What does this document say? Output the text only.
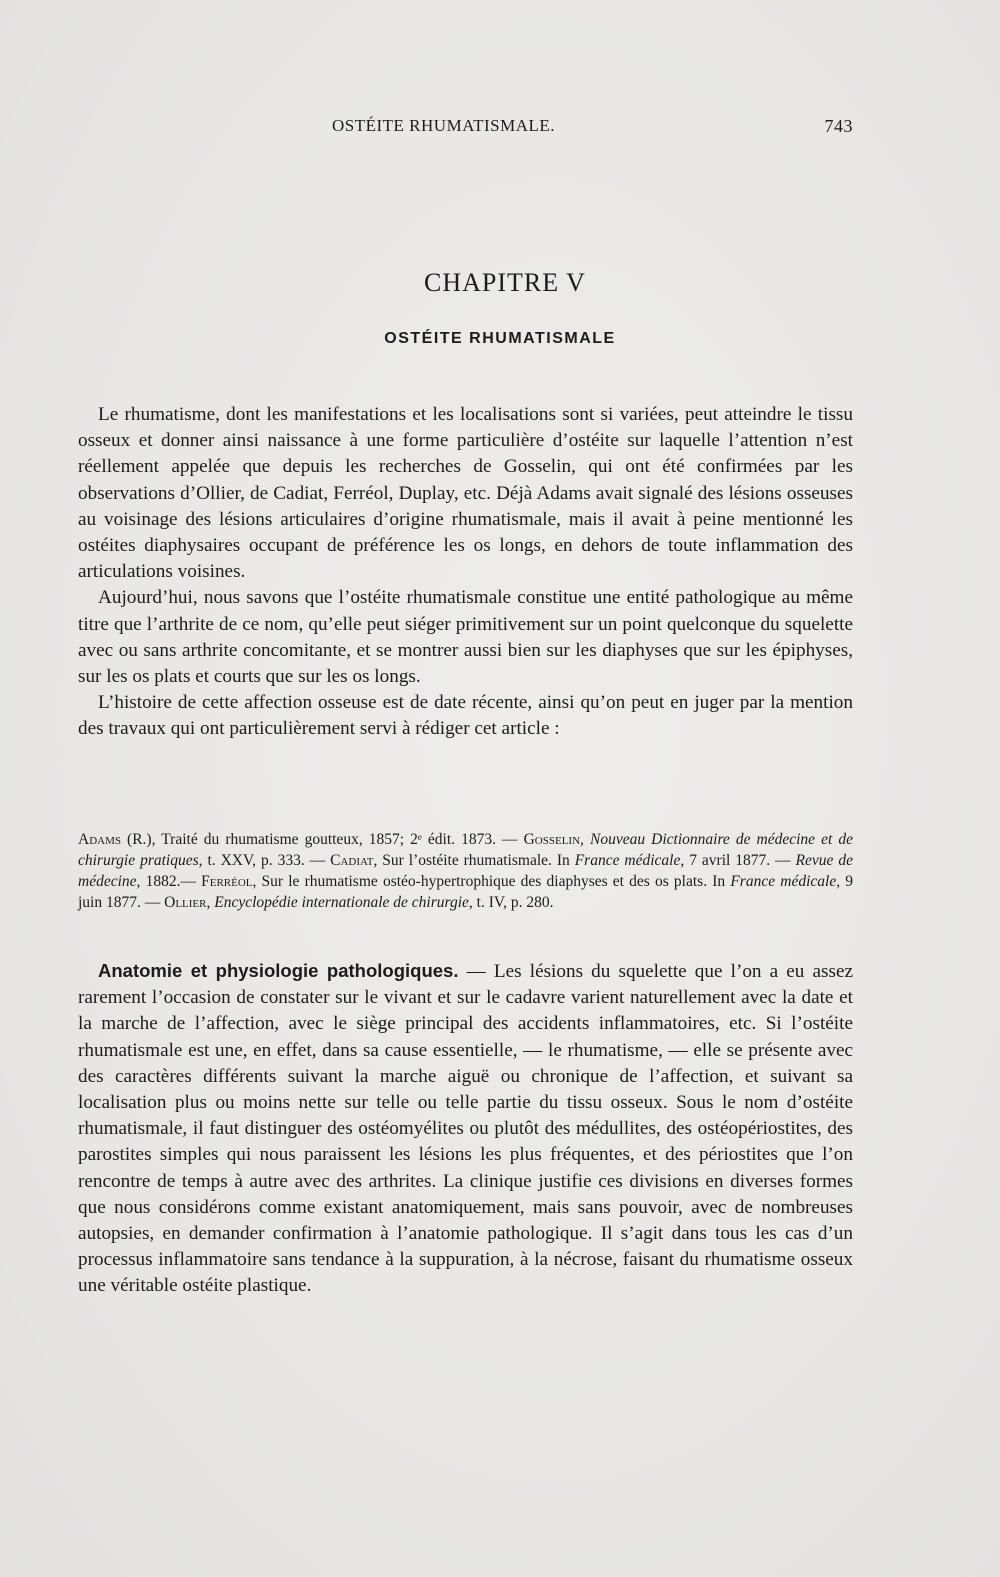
OSTÉITE RHUMATISMALE.	743
CHAPITRE V
OSTÉITE RHUMATISMALE

Le rhumatisme, dont les manifestations et les localisations sont si variées, peut atteindre le tissu osseux et donner ainsi naissance à une forme particulière d’ostéite sur laquelle l’attention n’est réellement appelée que depuis les recherches de Gosselin, qui ont été confirmées par les observations d’Ollier, de Cadiat, Ferréol, Duplay, etc. Déjà Adams avait signalé des lésions osseuses au voisinage des lésions articulaires d’origine rhumatismale, mais il avait à peine mentionné les ostéites diaphysaires occupant de préférence les os longs, en dehors de toute inflammation des articulations voisines.

Aujourd’hui, nous savons que l’ostéite rhumatismale constitue une entité pathologique au même titre que l’arthrite de ce nom, qu’elle peut siéger primitivement sur un point quelconque du squelette avec ou sans arthrite concomitante, et se montrer aussi bien sur les diaphyses que sur les épiphyses, sur les os plats et courts que sur les os longs.

L’histoire de cette affection osseuse est de date récente, ainsi qu’on peut en juger par la mention des travaux qui ont particulièrement servi à rédiger cet article :

Adams (R.), Traité du rhumatisme goutteux, 1857; 2ᵉ édit. 1873. — Gosselin, Nouveau Dictionnaire de médecine et de chirurgie pratiques, t. XXV, p. 333. — Cadiat, Sur l’ostéite rhumatismale. In France médicale, 7 avril 1877. — Revue de médecine, 1882.— Ferréol, Sur le rhumatisme ostéo-hypertrophique des diaphyses et des os plats. In France médicale, 9 juin 1877. — Ollier, Encyclopédie internationale de chirurgie, t. IV, p. 280.

Anatomie et physiologie pathologiques. — Les lésions du squelette que l’on a eu assez rarement l’occasion de constater sur le vivant et sur le cadavre varient naturellement avec la date et la marche de l’affection, avec le siège principal des accidents inflammatoires, etc. Si l’ostéite rhumatismale est une, en effet, dans sa cause essentielle, — le rhumatisme, — elle se présente avec des caractères différents suivant la marche aiguë ou chronique de l’affection, et suivant sa localisation plus ou moins nette sur telle ou telle partie du tissu osseux. Sous le nom d’ostéite rhumatismale, il faut distinguer des ostéomyélites ou plutôt des médullites, des ostéopériostites, des parostites simples qui nous paraissent les lésions les plus fréquentes, et des périostites que l’on rencontre de temps à autre avec des arthrites. La clinique justifie ces divisions en diverses formes que nous considérons comme existant anatomiquement, mais sans pouvoir, avec de nombreuses autopsies, en demander confirmation à l’anatomie pathologique. Il s’agit dans tous les cas d’un processus inflammatoire sans tendance à la suppuration, à la nécrose, faisant du rhumatisme osseux une véritable ostéite plastique.
